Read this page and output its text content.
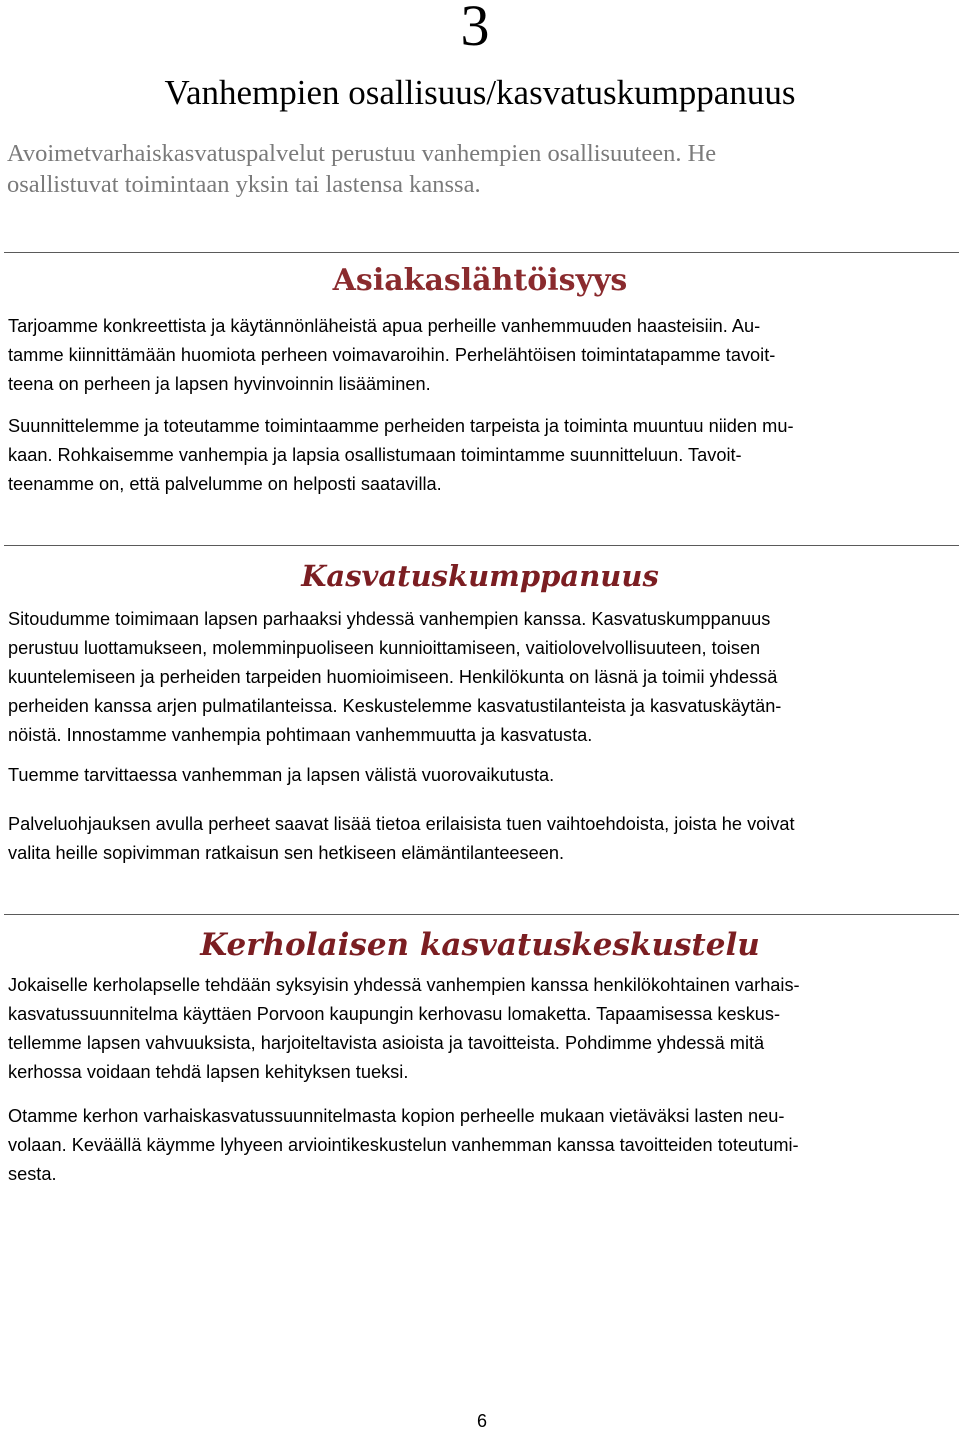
3
Vanhempien osallisuus/kasvatuskumppanuus

Avoimetvarhaiskasvatuspalvelut perustuu vanhempien osallisuuteen. He
osallistuvat toimintaan yksin tai lastensa kanssa.

Asiakaslähtöisyys

Tarjoamme konkreettista ja käytännönläheistä apua perheille vanhemmuuden haasteisiin. Au-
tamme kiinnittämään huomiota perheen voimavaroihin. Perhelähtöisen toimintatapamme tavoit-
teena on perheen ja lapsen hyvinvoinnin lisääminen.

Suunnittelemme ja toteutamme toimintaamme perheiden tarpeista ja toiminta muuntuu niiden mu-
kaan. Rohkaisemme vanhempia ja lapsia osallistumaan toimintamme suunnitteluun. Tavoit-
teenamme on, että palvelumme on helposti saatavilla.

Kasvatuskumppanuus

Sitoudumme toimimaan lapsen parhaaksi yhdessä vanhempien kanssa. Kasvatuskumppanuus
perustuu luottamukseen, molemminpuoliseen kunnioittamiseen, vaitiolovelvollisuuteen, toisen
kuuntelemiseen ja perheiden tarpeiden huomioimiseen. Henkilökunta on läsnä ja toimii yhdessä
perheiden kanssa arjen pulmatilanteissa. Keskustelemme kasvatustilanteista ja kasvatuskäytän-
nöistä. Innostamme vanhempia pohtimaan vanhemmuutta ja kasvatusta.

Tuemme tarvittaessa vanhemman ja lapsen välistä vuorovaikutusta.

Palveluohjauksen avulla perheet saavat lisää tietoa erilaisista tuen vaihtoehdoista, joista he voivat
valita heille sopivimman ratkaisun sen hetkiseen elämäntilanteeseen.

Kerholaisen kasvatuskeskustelu

Jokaiselle kerholapselle tehdään syksyisin yhdessä vanhempien kanssa henkilökohtainen varhais-
kasvatussuunnitelma käyttäen Porvoon kaupungin kerhovasu lomaketta. Tapaamisessa keskus-
tellemme lapsen vahvuuksista, harjoiteltavista asioista ja tavoitteista. Pohdimme yhdessä mitä
kerhossa voidaan tehdä lapsen kehityksen tueksi.

Otamme kerhon varhaiskasvatussuunnitelmasta kopion perheelle mukaan vietäväksi lasten neu-
volaan. Keväällä käymme lyhyeen arviointikeskustelun vanhemman kanssa tavoitteiden toteutumi-
sesta.

6
